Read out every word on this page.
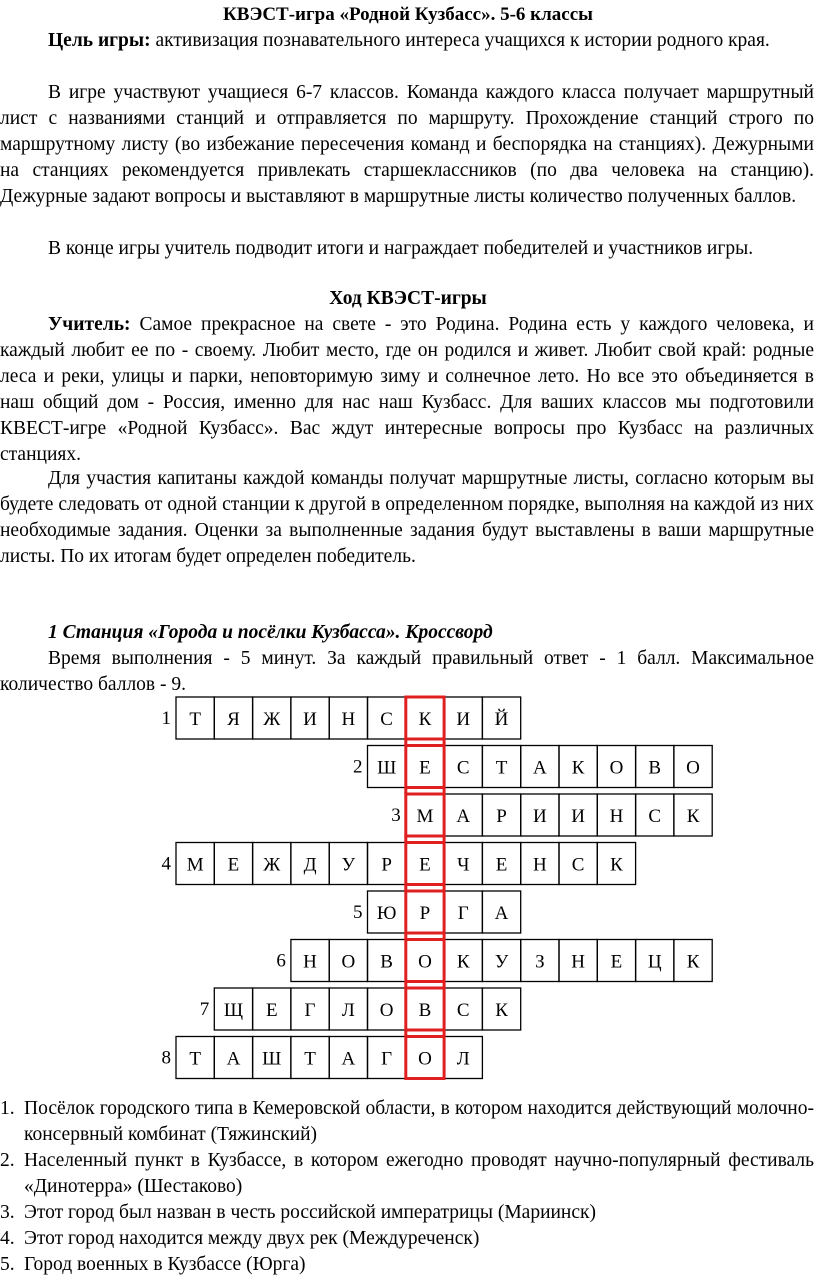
КВЭСТ-игра «Родной Кузбасс». 5-6 классы
Цель игры: активизация познавательного интереса учащихся к истории родного края.
В игре участвуют учащиеся 6-7 классов. Команда каждого класса получает маршрутный лист с названиями станций и отправляется по маршруту. Прохождение станций строго по маршрутному листу (во избежание пересечения команд и беспорядка на станциях). Дежурными на станциях рекомендуется привлекать старшеклассников (по два человека на станцию). Дежурные задают вопросы и выставляют в маршрутные листы количество полученных баллов.
В конце игры учитель подводит итоги и награждает победителей и участников игры.
Ход КВЭСТ-игры
Учитель: Самое прекрасное на свете - это Родина. Родина есть у каждого человека, и каждый любит ее по - своему. Любит место, где он родился и живет. Любит свой край: родные леса и реки, улицы и парки, неповторимую зиму и солнечное лето. Но все это объединяется в наш общий дом - Россия, именно для нас наш Кузбасс. Для ваших классов мы подготовили КВЕСТ-игре «Родной Кузбасс». Вас ждут интересные вопросы про Кузбасс на различных станциях.
Для участия капитаны каждой команды получат маршрутные листы, согласно которым вы будете следовать от одной станции к другой в определенном порядке, выполняя на каждой из них необходимые задания. Оценки за выполненные задания будут выставлены в ваши маршрутные листы. По их итогам будет определен победитель.
1 Станция «Города и посёлки Кузбасса». Кроссворд
Время выполнения - 5 минут. За каждый правильный ответ - 1 балл. Максимальное количество баллов - 9.
1 Т Я Ж И Н С К И Й
2 Ш Е С Т А К О В О
3 М А Р И И Н С К
4 М Е Ж Д У Р Е Ч Е Н С К
5 Ю Р Г А
6 Н О В О К У З Н Е Ц К
7 Щ Е Г Л О В С К
8 Т А Ш Т А Г О Л
1. Посёлок городского типа в Кемеровской области, в котором находится действующий молочно-консервный комбинат (Тяжинский)
2. Населенный пункт в Кузбассе, в котором ежегодно проводят научно-популярный фестиваль «Динотерра» (Шестаково)
3. Этот город был назван в честь российской императрицы (Мариинск)
4. Этот город находится между двух рек (Междуреченск)
5. Город военных в Кузбассе (Юрга)
